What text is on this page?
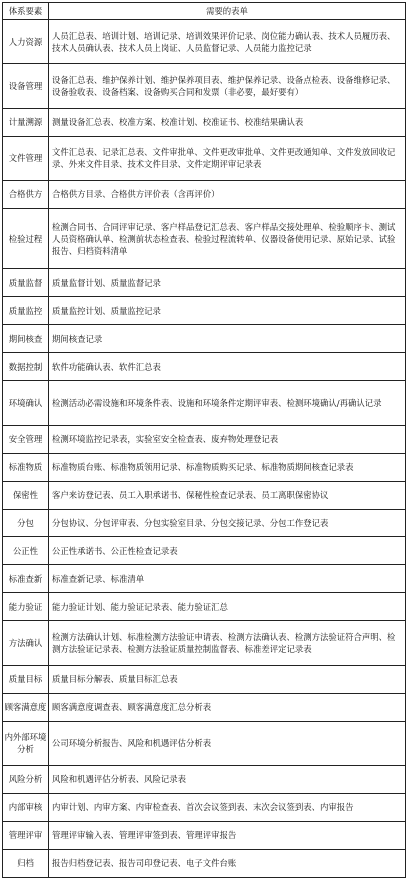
体系要素	需要的表单
人力资源	人员汇总表、培训计划、培训记录、培训效果评价记录、岗位能力确认表、技术人员履历表、技术人员确认表、技术人员上岗证、人员监督记录、人员能力监控记录
设备管理	设备汇总表、维护保养计划、维护保养项目表、维护保养记录、设备点检表、设备维修记录、设备验收表、设备档案、设备购买合同和发票（非必要，最好要有）
计量溯源	测量设备汇总表、校准方案、校准计划、校准证书、校准结果确认表
文件管理	文件汇总表、记录汇总表、文件审批单、文件更改审批单、文件更改通知单、文件发放回收记录、外来文件目录、技术文件目录、文件定期评审记录表
合格供方	合格供方目录、合格供方评价表（含再评价）
检验过程	检测合同书、合同评审记录、客户样品登记汇总表、客户样品交接处理单、检验顺序卡、测试人员资格确认单、检测前状态检查表、检验过程流转单、仪器设备使用记录、原始记录、试验报告、归档资料清单
质量监督	质量监督计划、质量监督记录
质量监控	质量监控计划、质量监控记录
期间核查	期间核查记录
数据控制	软件功能确认表、软件汇总表
环境确认	检测活动必需设施和环境条件表、设施和环境条件定期评审表、检测环境确认/再确认记录
安全管理	检测环境监控记录表，实验室安全检查表、废弃物处理登记表
标准物质	标准物质台账、标准物质领用记录、标准物质购买记录、标准物质期间核查记录表
保密性	客户来访登记表、员工入职承诺书、保秘性检查记录表、员工离职保密协议
分包	分包协议、分包评审表、分包实验室目录、分包交接记录、分包工作登记表
公正性	公正性承诺书、公正性检查记录表
标准查新	标准查新记录、标准清单
能力验证	能力验证计划、能力验证记录表、能力验证汇总
方法确认	检测方法确认计划、标准检测方法验证申请表、检测方法确认表、检测方法验证符合声明、检测方法验证记录表、检测方法验证质量控制监督表、标准差评定记录表
质量目标	质量目标分解表、质量目标汇总表
顾客满意度	顾客满意度调查表、顾客满意度汇总分析表
内外部环境分析	公司环境分析报告、风险和机遇评估分析表
风险分析	风险和机遇评估分析表、风险记录表
内部审核	内审计划、内审方案、内审检查表、首次会议签到表、末次会议签到表、内审报告
管理评审	管理评审输入表、管理评审签到表、管理评审报告
归档	报告归档登记表、报告司印登记表、电子文件台账
